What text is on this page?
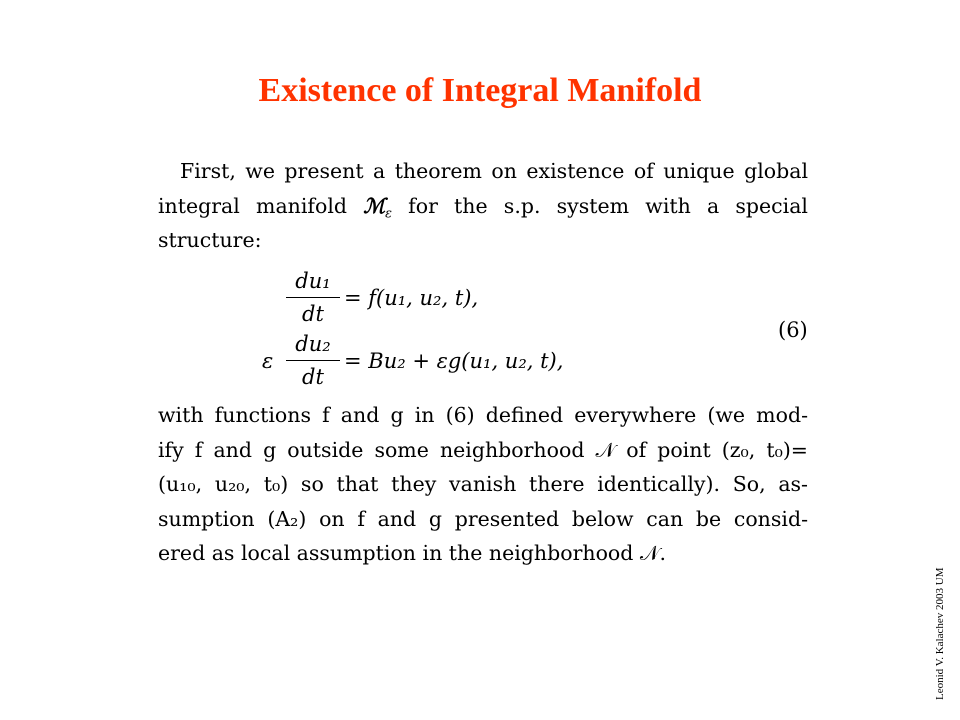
Existence of Integral Manifold
First, we present a theorem on existence of unique global
integral manifold ℳ$_\varepsilon$ for the s.p. system with a special
structure:
du₁
dt
= f(u₁, u₂, t),
ε
du₂
dt
= Bu₂ + εg(u₁, u₂, t),
(6)
with functions f and g in (6) defined everywhere (we mod-
ify f and g outside some neighborhood 𝒩 of point (z₀, t₀)=
(u₁₀, u₂₀, t₀) so that they vanish there identically). So, as-
sumption (A₂) on f and g presented below can be consid-
ered as local assumption in the neighborhood 𝒩.
Leonid V. Kalachev 2003 UM
